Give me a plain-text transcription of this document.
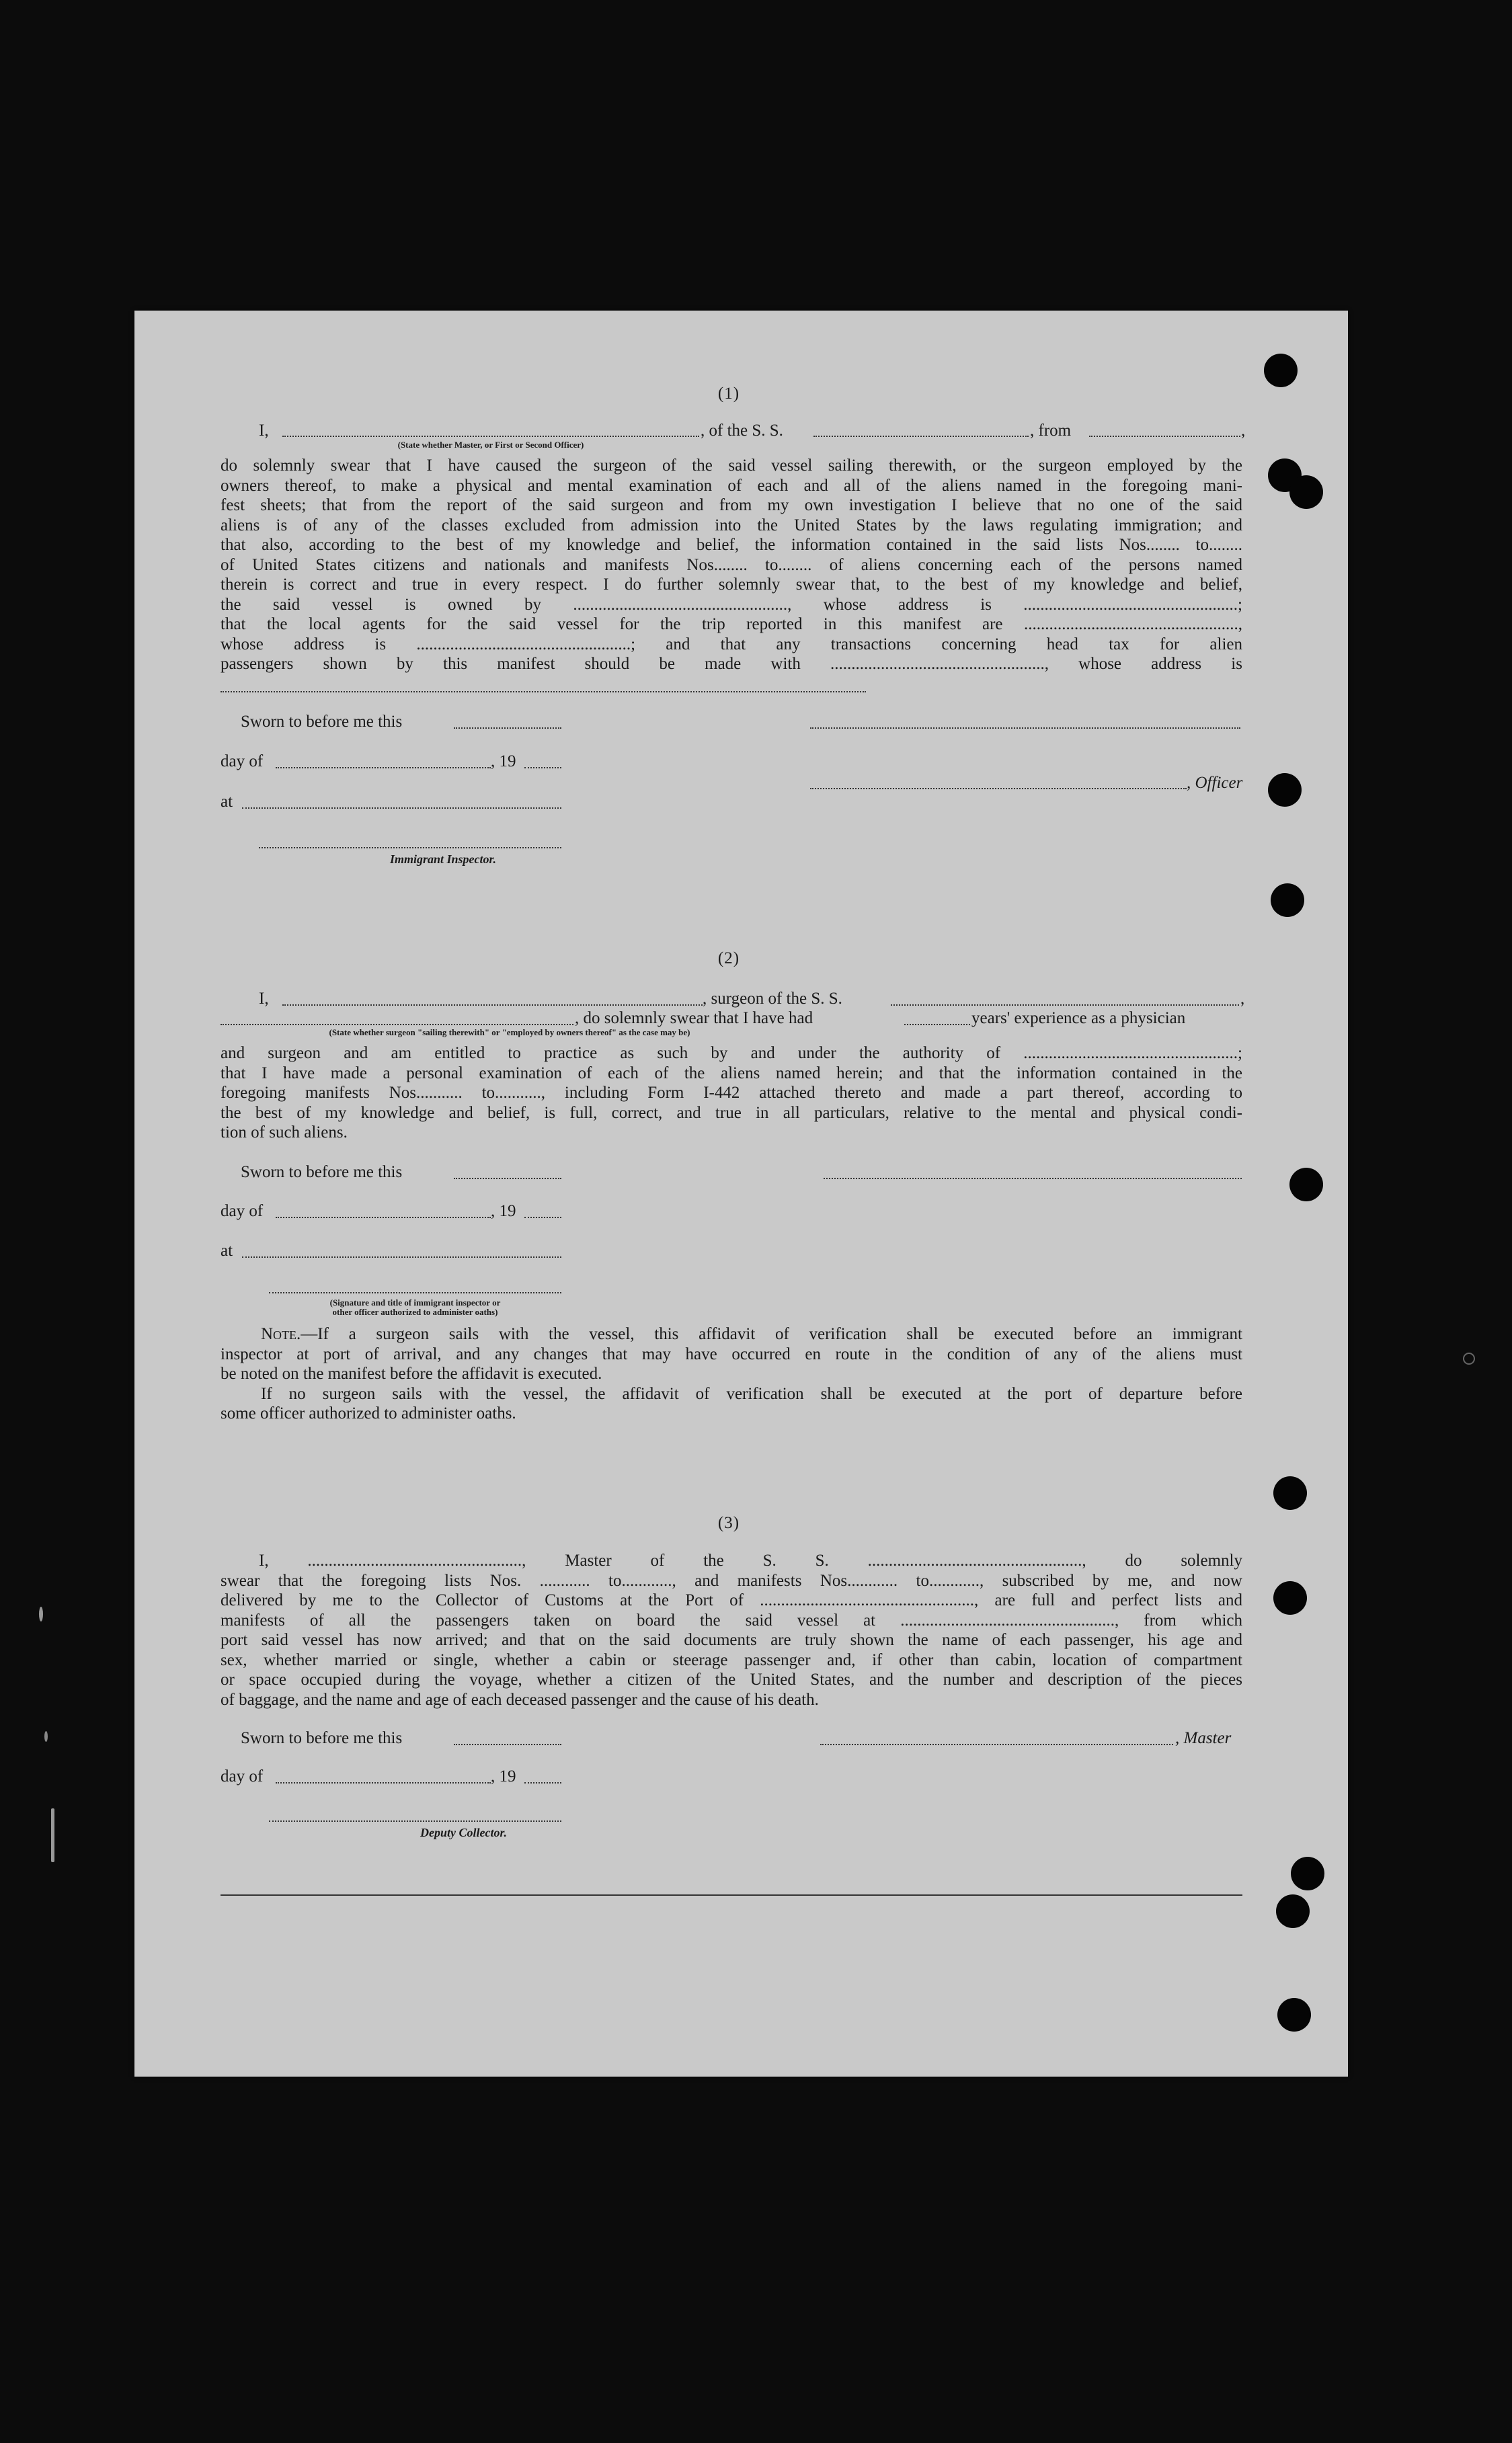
(1)
I,	, of the S. S.	, from	,
(State whether Master, or First or Second Officer)
do solemnly swear that I have caused the surgeon of the said vessel sailing therewith, or the surgeon employed by the
owners thereof, to make a physical and mental examination of each and all of the aliens named in the foregoing mani-
fest sheets; that from the report of the said surgeon and from my own investigation I believe that no one of the said
aliens is of any of the classes excluded from admission into the United States by the laws regulating immigration; and
that also, according to the best of my knowledge and belief, the information contained in the said lists Nos........ to........
of United States citizens and nationals and manifests Nos........ to........ of aliens concerning each of the persons named
therein is correct and true in every respect. I do further solemnly swear that, to the best of my knowledge and belief,
the said vessel is owned by ..................................................., whose address is ...................................................;
that the local agents for the said vessel for the trip reported in this manifest are ...................................................,
whose address is ...................................................; and that any transactions concerning head tax for alien
passengers shown by this manifest should be made with ..................................................., whose address is
Sworn to before me this
day of	, 19
, Officer
at
Immigrant Inspector.
(2)
I,	, surgeon of the S. S.	,
, do solemnly swear that I have had	years' experience as a physician
(State whether surgeon "sailing therewith" or "employed by owners thereof" as the case may be)
and surgeon and am entitled to practice as such by and under the authority of ...................................................;
that I have made a personal examination of each of the aliens named herein; and that the information contained in the
foregoing manifests Nos........... to..........., including Form I-442 attached thereto and made a part thereof, according to
the best of my knowledge and belief, is full, correct, and true in all particulars, relative to the mental and physical condi-
tion of such aliens.
Sworn to before me this
day of	, 19
at
(Signature and title of immigrant inspector or
other officer authorized to administer oaths)
Note.—If a surgeon sails with the vessel, this affidavit of verification shall be executed before an immigrant
inspector at port of arrival, and any changes that may have occurred en route in the condition of any of the aliens must
be noted on the manifest before the affidavit is executed.
If no surgeon sails with the vessel, the affidavit of verification shall be executed at the port of departure before
some officer authorized to administer oaths.
(3)
I, ..................................................., Master of the S. S. ..................................................., do solemnly
swear that the foregoing lists Nos. ............ to............, and manifests Nos............ to............, subscribed by me, and now
delivered by me to the Collector of Customs at the Port of ..................................................., are full and perfect lists and
manifests of all the passengers taken on board the said vessel at ..................................................., from which
port said vessel has now arrived; and that on the said documents are truly shown the name of each passenger, his age and
sex, whether married or single, whether a cabin or steerage passenger and, if other than cabin, location of compartment
or space occupied during the voyage, whether a citizen of the United States, and the number and description of the pieces
of baggage, and the name and age of each deceased passenger and the cause of his death.
Sworn to before me this	, Master
day of	, 19
Deputy Collector.
